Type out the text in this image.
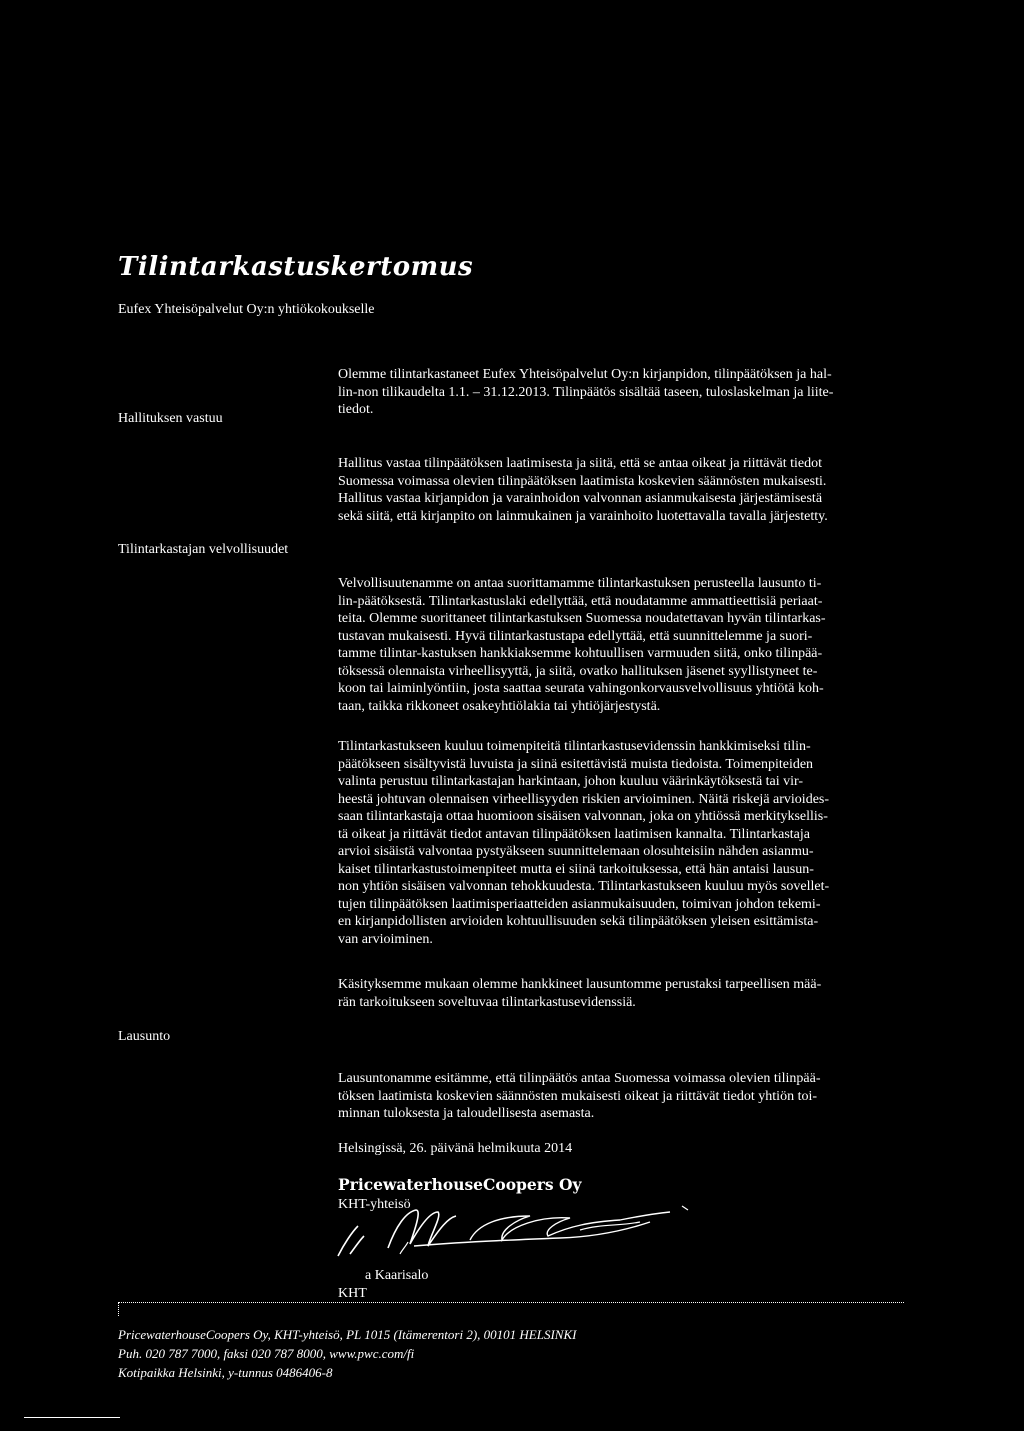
Tilintarkastuskertomus
Eufex Yhteisöpalvelut Oy:n yhtiökokoukselle
Olemme tilintarkastaneet Eufex Yhteisöpalvelut Oy:n kirjanpidon, tilinpäätöksen ja hal-
lin-non tilikaudelta 1.1. – 31.12.2013. Tilinpäätös sisältää taseen, tuloslaskelman ja liite-
tiedot.
Hallituksen vastuu
Hallitus vastaa tilinpäätöksen laatimisesta ja siitä, että se antaa oikeat ja riittävät tiedot
Suomessa voimassa olevien tilinpäätöksen laatimista koskevien säännösten mukaisesti.
Hallitus vastaa kirjanpidon ja varainhoidon valvonnan asianmukaisesta järjestämisestä
sekä siitä, että kirjanpito on lainmukainen ja varainhoito luotettavalla tavalla järjestetty.
Tilintarkastajan velvollisuudet
Velvollisuutenamme on antaa suorittamamme tilintarkastuksen perusteella lausunto ti-
lin-päätöksestä. Tilintarkastuslaki edellyttää, että noudatamme ammattieettisiä periaat-
teita. Olemme suorittaneet tilintarkastuksen Suomessa noudatettavan hyvän tilintarkas-
tustavan mukaisesti. Hyvä tilintarkastustapa edellyttää, että suunnittelemme ja suori-
tamme tilintar-kastuksen hankkiaksemme kohtuullisen varmuuden siitä, onko tilinpää-
töksessä olennaista virheellisyyttä, ja siitä, ovatko hallituksen jäsenet syyllistyneet te-
koon tai laiminlyöntiin, josta saattaa seurata vahingonkorvausvelvollisuus yhtiötä koh-
taan, taikka rikkoneet osakeyhtiölakia tai yhtiöjärjestystä.
Tilintarkastukseen kuuluu toimenpiteitä tilintarkastusevidenssin hankkimiseksi tilin-
päätökseen sisältyvistä luvuista ja siinä esitettävistä muista tiedoista. Toimenpiteiden
valinta perustuu tilintarkastajan harkintaan, johon kuuluu väärinkäytöksestä tai vir-
heestä johtuvan olennaisen virheellisyyden riskien arvioiminen. Näitä riskejä arvioides-
saan tilintarkastaja ottaa huomioon sisäisen valvonnan, joka on yhtiössä merkityksellis-
tä oikeat ja riittävät tiedot antavan tilinpäätöksen laatimisen kannalta. Tilintarkastaja
arvioi sisäistä valvontaa pystyäkseen suunnittelemaan olosuhteisiin nähden asianmu-
kaiset tilintarkastustoimenpiteet mutta ei siinä tarkoituksessa, että hän antaisi lausun-
non yhtiön sisäisen valvonnan tehokkuudesta. Tilintarkastukseen kuuluu myös sovellet-
tujen tilinpäätöksen laatimisperiaatteiden asianmukaisuuden, toimivan johdon tekemi-
en kirjanpidollisten arvioiden kohtuullisuuden sekä tilinpäätöksen yleisen esittämista-
van arvioiminen.
Käsityksemme mukaan olemme hankkineet lausuntomme perustaksi tarpeellisen mää-
rän tarkoitukseen soveltuvaa tilintarkastusevidenssiä.
Lausunto
Lausuntonamme esitämme, että tilinpäätös antaa Suomessa voimassa olevien tilinpää-
töksen laatimista koskevien säännösten mukaisesti oikeat ja riittävät tiedot yhtiön toi-
minnan tuloksesta ja taloudellisesta asemasta.
Helsingissä, 26. päivänä helmikuuta 2014
PricewaterhouseCoopers Oy
KHT-yhteisö
a Kaarisalo
KHT
PricewaterhouseCoopers Oy, KHT-yhteisö, PL 1015 (Itämerentori 2), 00101 HELSINKI
Puh. 020 787 7000, faksi 020 787 8000, www.pwc.com/fi
Kotipaikka Helsinki, y-tunnus 0486406-8
